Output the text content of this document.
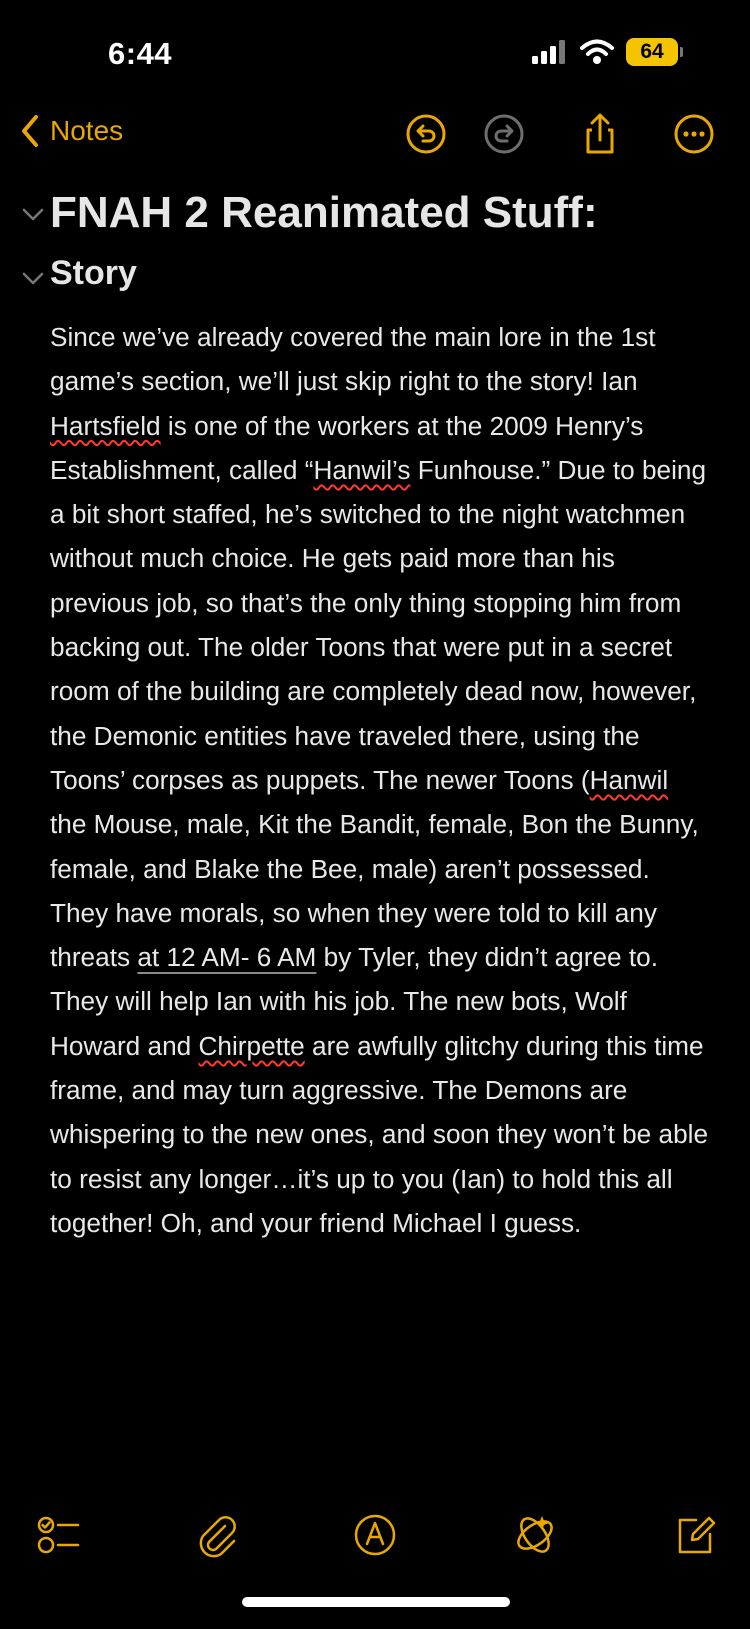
6:44	64
Notes
FNAH 2 Reanimated Stuff:
Story
Since we’ve already covered the main lore in the 1st game’s section, we’ll just skip right to the story! Ian Hartsfield is one of the workers at the 2009 Henry’s Establishment, called “Hanwil’s Funhouse.” Due to being a bit short staffed, he’s switched to the night watchmen without much choice. He gets paid more than his previous job, so that’s the only thing stopping him from backing out. The older Toons that were put in a secret room of the building are completely dead now, however, the Demonic entities have traveled there, using the Toons’ corpses as puppets. The newer Toons (Hanwil the Mouse, male, Kit the Bandit, female, Bon the Bunny, female, and Blake the Bee, male) aren’t possessed. They have morals, so when they were told to kill any threats at 12 AM- 6 AM by Tyler, they didn’t agree to. They will help Ian with his job. The new bots, Wolf Howard and Chirpette are awfully glitchy during this time frame, and may turn aggressive. The Demons are whispering to the new ones, and soon they won’t be able to resist any longer…it’s up to you (Ian) to hold this all together! Oh, and your friend Michael I guess.
